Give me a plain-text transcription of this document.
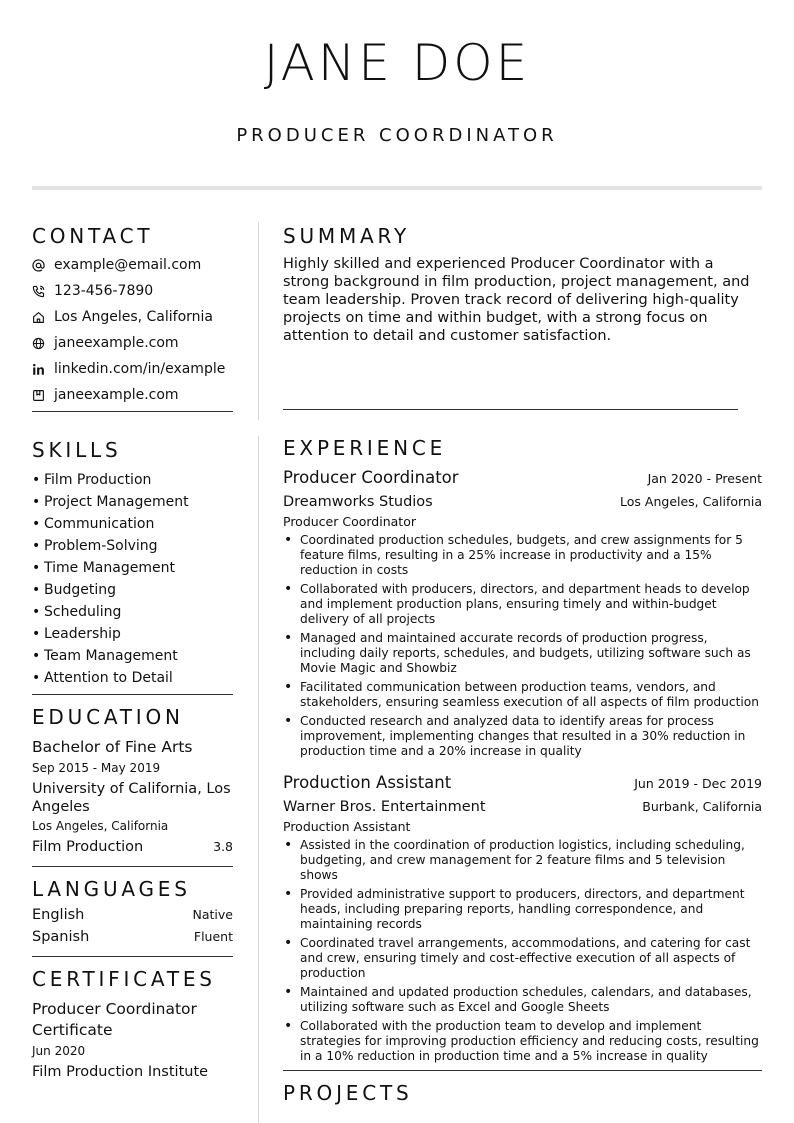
JANE DOE
PRODUCER COORDINATOR
CONTACT
example@email.com
123-456-7890
Los Angeles, California
janeexample.com
linkedin.com/in/example
janeexample.com
SKILLS
• Film Production
• Project Management
• Communication
• Problem-Solving
• Time Management
• Budgeting
• Scheduling
• Leadership
• Team Management
• Attention to Detail
EDUCATION
Bachelor of Fine Arts
Sep 2015 - May 2019
University of California, Los Angeles
Los Angeles, California
Film Production	3.8
LANGUAGES
English	Native
Spanish	Fluent
CERTIFICATES
Producer Coordinator Certificate
Jun 2020
Film Production Institute
SUMMARY
Highly skilled and experienced Producer Coordinator with a strong background in film production, project management, and team leadership. Proven track record of delivering high-quality projects on time and within budget, with a strong focus on attention to detail and customer satisfaction.
EXPERIENCE
Producer Coordinator	Jan 2020 - Present
Dreamworks Studios	Los Angeles, California
Producer Coordinator
• Coordinated production schedules, budgets, and crew assignments for 5 feature films, resulting in a 25% increase in productivity and a 15% reduction in costs
• Collaborated with producers, directors, and department heads to develop and implement production plans, ensuring timely and within-budget delivery of all projects
• Managed and maintained accurate records of production progress, including daily reports, schedules, and budgets, utilizing software such as Movie Magic and Showbiz
• Facilitated communication between production teams, vendors, and stakeholders, ensuring seamless execution of all aspects of film production
• Conducted research and analyzed data to identify areas for process improvement, implementing changes that resulted in a 30% reduction in production time and a 20% increase in quality
Production Assistant	Jun 2019 - Dec 2019
Warner Bros. Entertainment	Burbank, California
Production Assistant
• Assisted in the coordination of production logistics, including scheduling, budgeting, and crew management for 2 feature films and 5 television shows
• Provided administrative support to producers, directors, and department heads, including preparing reports, handling correspondence, and maintaining records
• Coordinated travel arrangements, accommodations, and catering for cast and crew, ensuring timely and cost-effective execution of all aspects of production
• Maintained and updated production schedules, calendars, and databases, utilizing software such as Excel and Google Sheets
• Collaborated with the production team to develop and implement strategies for improving production efficiency and reducing costs, resulting in a 10% reduction in production time and a 5% increase in quality
PROJECTS
